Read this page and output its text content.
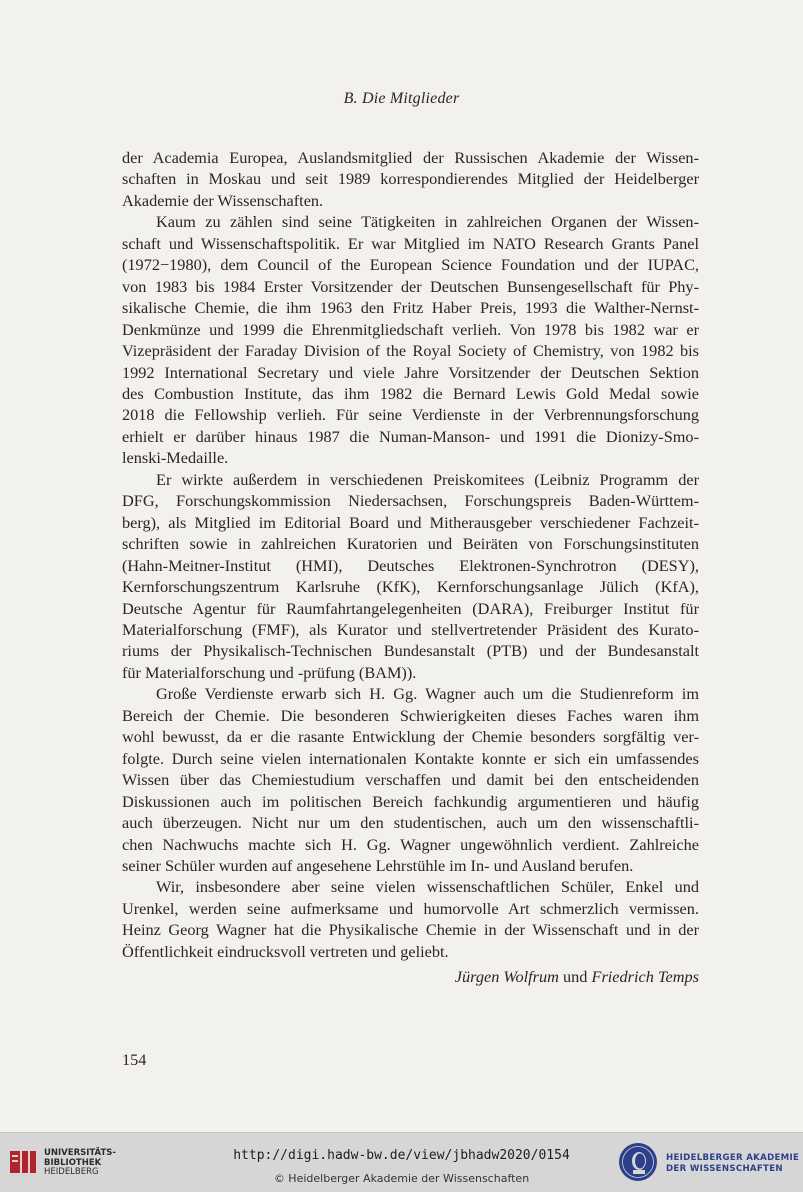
B. Die Mitglieder

der Academia Europea, Auslandsmitglied der Russischen Akademie der Wissen-
schaften in Moskau und seit 1989 korrespondierendes Mitglied der Heidelberger
Akademie der Wissenschaften.

Kaum zu zählen sind seine Tätigkeiten in zahlreichen Organen der Wissen-
schaft und Wissenschaftspolitik. Er war Mitglied im NATO Research Grants Panel
(1972−1980), dem Council of the European Science Foundation und der IUPAC,
von 1983 bis 1984 Erster Vorsitzender der Deutschen Bunsengesellschaft für Phy-
sikalische Chemie, die ihm 1963 den Fritz Haber Preis, 1993 die Walther-Nernst-
Denkmünze und 1999 die Ehrenmitgliedschaft verlieh. Von 1978 bis 1982 war er
Vizepräsident der Faraday Division of the Royal Society of Chemistry, von 1982 bis
1992 International Secretary und viele Jahre Vorsitzender der Deutschen Sektion
des Combustion Institute, das ihm 1982 die Bernard Lewis Gold Medal sowie
2018 die Fellowship verlieh. Für seine Verdienste in der Verbrennungsforschung
erhielt er darüber hinaus 1987 die Numan-Manson- und 1991 die Dionizy-Smo-
lenski-Medaille.

Er wirkte außerdem in verschiedenen Preiskomitees (Leibniz Programm der
DFG, Forschungskommission Niedersachsen, Forschungspreis Baden-Württem-
berg), als Mitglied im Editorial Board und Mitherausgeber verschiedener Fachzeit-
schriften sowie in zahlreichen Kuratorien und Beiräten von Forschungsinstituten
(Hahn-Meitner-Institut (HMI), Deutsches Elektronen-Synchrotron (DESY),
Kernforschungszentrum Karlsruhe (KfK), Kernforschungsanlage Jülich (KfA),
Deutsche Agentur für Raumfahrtangelegenheiten (DARA), Freiburger Institut für
Materialforschung (FMF), als Kurator und stellvertretender Präsident des Kurato-
riums der Physikalisch-Technischen Bundesanstalt (PTB) und der Bundesanstalt
für Materialforschung und -prüfung (BAM)).

Große Verdienste erwarb sich H. Gg. Wagner auch um die Studienreform im
Bereich der Chemie. Die besonderen Schwierigkeiten dieses Faches waren ihm
wohl bewusst, da er die rasante Entwicklung der Chemie besonders sorgfältig ver-
folgte. Durch seine vielen internationalen Kontakte konnte er sich ein umfassendes
Wissen über das Chemiestudium verschaffen und damit bei den entscheidenden
Diskussionen auch im politischen Bereich fachkundig argumentieren und häufig
auch überzeugen. Nicht nur um den studentischen, auch um den wissenschaftli-
chen Nachwuchs machte sich H. Gg. Wagner ungewöhnlich verdient. Zahlreiche
seiner Schüler wurden auf angesehene Lehrstühle im In- und Ausland berufen.

Wir, insbesondere aber seine vielen wissenschaftlichen Schüler, Enkel und
Urenkel, werden seine aufmerksame und humorvolle Art schmerzlich vermissen.
Heinz Georg Wagner hat die Physikalische Chemie in der Wissenschaft und in der
Öffentlichkeit eindrucksvoll vertreten und geliebt.

Jürgen Wolfrum und Friedrich Temps
154
UNIVERSITÄTS-
BIBLIOTHEK
HEIDELBERG
http://digi.hadw-bw.de/view/jbhadw2020/0154
© Heidelberger Akademie der Wissenschaften
HEIDELBERGER AKADEMIE
DER WISSENSCHAFTEN
